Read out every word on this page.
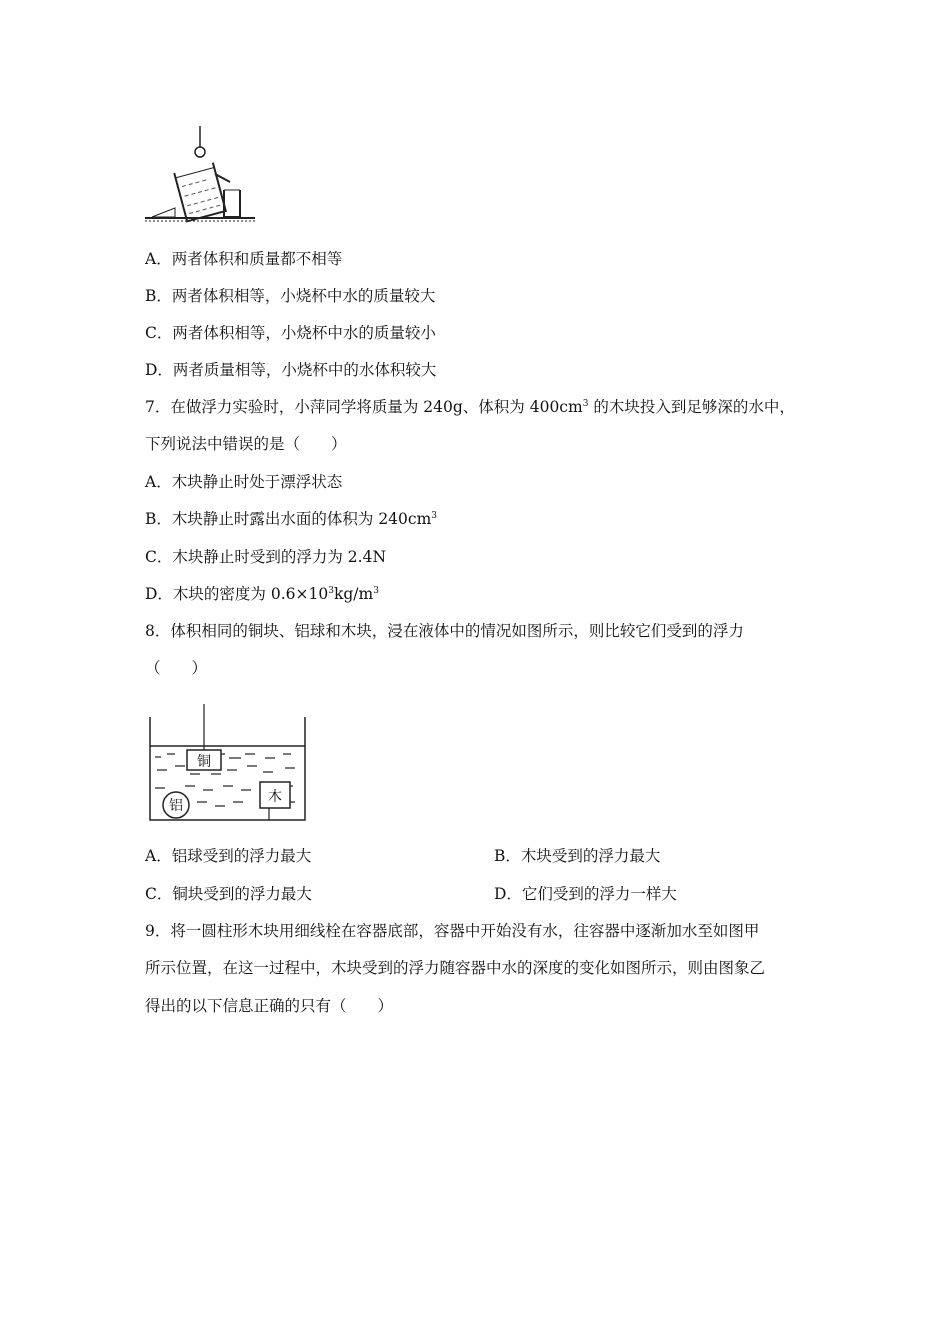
A．两者体积和质量都不相等
B．两者体积相等，小烧杯中水的质量较大
C．两者体积相等，小烧杯中水的质量较小
D．两者质量相等，小烧杯中的水体积较大
7．在做浮力实验时，小萍同学将质量为 240g、体积为 $400cm^3$ 的木块投入到足够深的水中，
下列说法中错误的是（　　）
A．木块静止时处于漂浮状态
B．木块静止时露出水面的体积为 $240cm^3$
C．木块静止时受到的浮力为 2.4N
D．木块的密度为 $0.6\times 10^3kg/m^3$
8．体积相同的铜块、铝球和木块，浸在液体中的情况如图所示，则比较它们受到的浮力
（　　）
铜
铝
木
A．铝球受到的浮力最大	B．木块受到的浮力最大
C．铜块受到的浮力最大	D．它们受到的浮力一样大
9．将一圆柱形木块用细线栓在容器底部，容器中开始没有水，往容器中逐渐加水至如图甲
所示位置，在这一过程中，木块受到的浮力随容器中水的深度的变化如图所示，则由图象乙
得出的以下信息正确的只有（　　）
